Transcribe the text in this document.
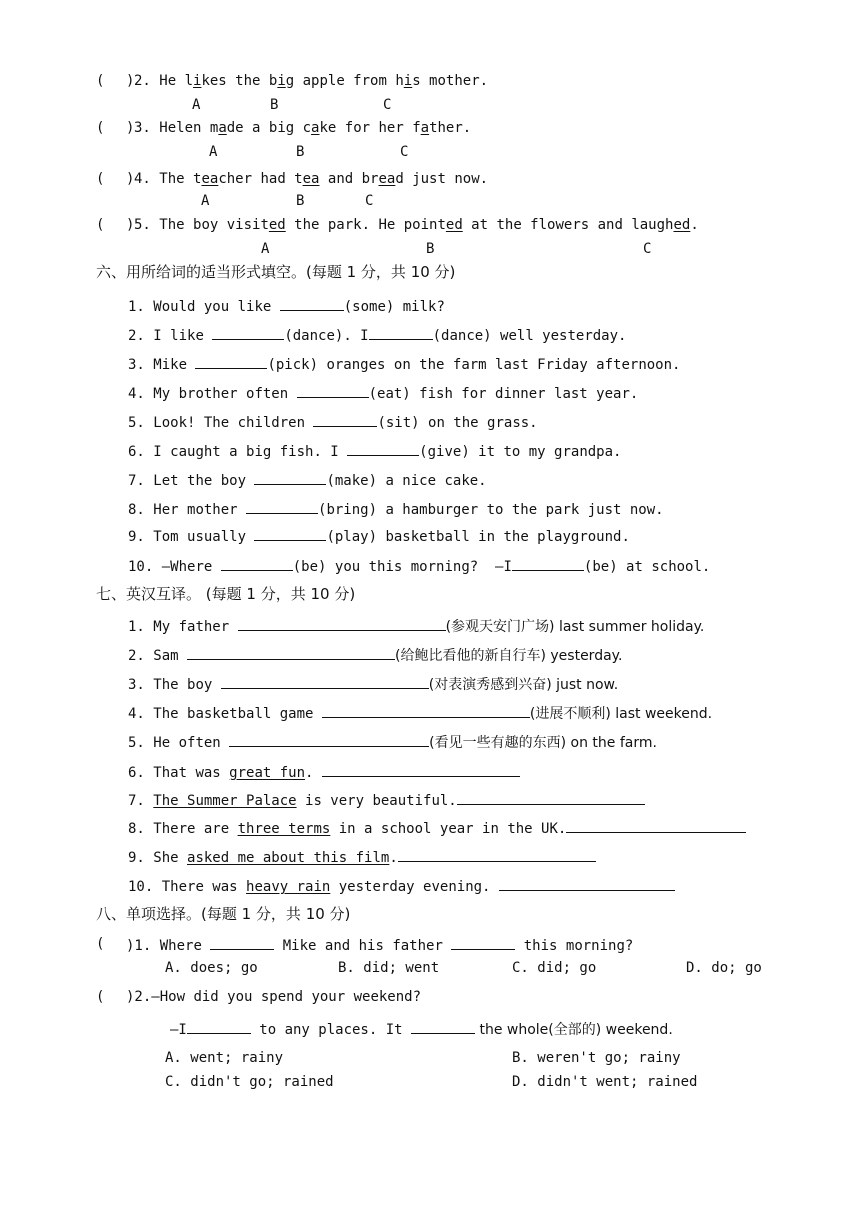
( ) 2. He likes the big apple from his mother.
A	B	C
( ) 3. Helen made a big cake for her father.
A	B	C
( ) 4. The teacher had tea and bread just now.
A	B	C
( ) 5. The boy visited the park. He pointed at the flowers and laughed.
A	B	C
六、用所给词的适当形式填空。(每题 1 分，共 10 分)
1. Would you like	(some) milk?
2. I like	(dance). I	(dance) well yesterday.
3. Mike	(pick) oranges on the farm last Friday afternoon.
4. My brother often	(eat) fish for dinner last year.
5. Look! The children	(sit) on the grass.
6. I caught a big fish. I	(give) it to my grandpa.
7. Let the boy	(make) a nice cake.
8. Her mother	(bring) a hamburger to the park just now.
9. Tom usually	(play) basketball in the playground.
10. —Where	(be) you this morning?  —I	(be) at school.
七、英汉互译。 (每题 1 分，共 10 分)
1. My father	(参观天安门广场) last summer holiday.
2. Sam	(给鲍比看他的新自行车) yesterday.
3. The boy	(对表演秀感到兴奋) just now.
4. The basketball game	(进展不顺利) last weekend.
5. He often	(看见一些有趣的东西) on the farm.
6. That was great fun.
7. The Summer Palace is very beautiful.
8. There are three terms in a school year in the UK.
9. She asked me about this film.
10. There was heavy rain yesterday evening.
八、单项选择。(每题 1 分，共 10 分)
( )1. Where	Mike and his father	this morning?
A. does; go	B. did; went	C. did; go	D. do; go
( )2.—How did you spend your weekend?
—I	to any places. It	the whole(全部的) weekend.
A. went; rainy	B. weren't go; rainy
C. didn't go; rained	D. didn't went; rained
